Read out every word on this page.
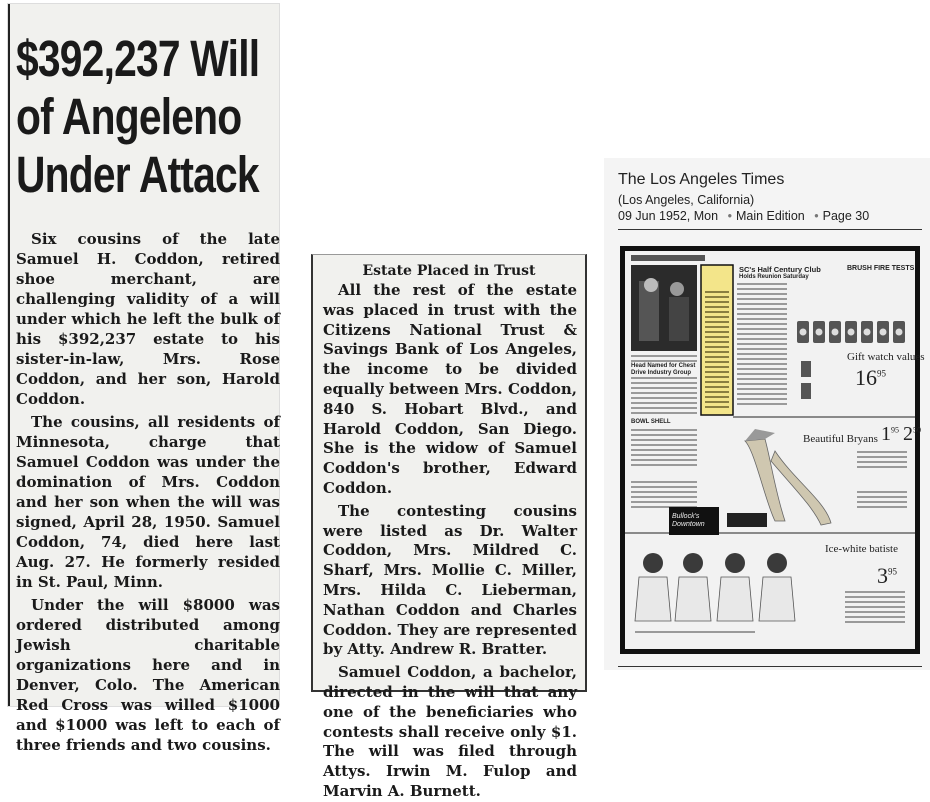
$392,237 Will
of Angeleno
Under Attack

Six cousins of the late Samuel H. Coddon, retired shoe merchant, are challenging validity of a will under which he left the bulk of his $392,237 estate to his sister-in-law, Mrs. Rose Coddon, and her son, Harold Coddon.

The cousins, all residents of Minnesota, charge that Samuel Coddon was under the domination of Mrs. Coddon and her son when the will was signed, April 28, 1950. Samuel Coddon, 74, died here last Aug. 27. He formerly resided in St. Paul, Minn.

Under the will $8000 was ordered distributed among Jewish charitable organizations here and in Denver, Colo. The American Red Cross was willed $1000 and $1000 was left to each of three friends and two cousins.

Estate Placed in Trust

All the rest of the estate was placed in trust with the Citizens National Trust & Savings Bank of Los Angeles, the income to be divided equally between Mrs. Coddon, 840 S. Hobart Blvd., and Harold Coddon, San Diego. She is the widow of Samuel Coddon's brother, Edward Coddon.

The contesting cousins were listed as Dr. Walter Coddon, Mrs. Mildred C. Sharf, Mrs. Mollie C. Miller, Mrs. Hilda C. Lieberman, Nathan Coddon and Charles Coddon. They are represented by Atty. Andrew R. Bratter.

Samuel Coddon, a bachelor, directed in the will that any one of the beneficiaries who contests shall receive only $1. The will was filed through Attys. Irwin M. Fulop and Marvin A. Burnett.

The Los Angeles Times
(Los Angeles, California)
09 Jun 1952, Mon • Main Edition • Page 30
SC's Half Century Club
Holds Reunion Saturday
BRUSH FIRE TESTS
Head Named for Chest
Drive Industry Group
BOWL SHELL
Gift watch values
$16^{95}$
Beautiful Bryans $1^{95}$ $2^{50}$
Bullock's Downtown
Ice-white batiste
$3^{95}$
